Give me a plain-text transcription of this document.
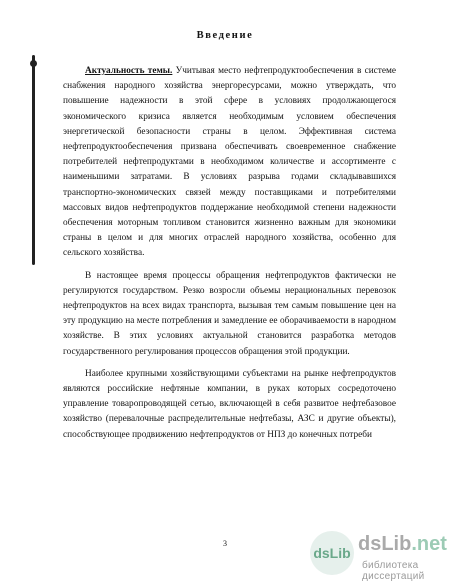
Введение

Актуальность темы. Учитывая место нефтепродуктообеспечения в системе снабжения народного хозяйства энергоресурсами, можно утверждать, что повышение надежности в этой сфере в условиях продолжающегося экономического кризиса является необходимым условием обеспечения энергетической безопасности страны в целом. Эффективная система нефтепродуктообеспечения призвана обеспечивать своевременное снабжение потребителей нефтепродуктами в необходимом количестве и ассортименте с наименьшими затратами. В условиях разрыва годами складывавшихся транспортно-экономических связей между поставщиками и потребителями массовых видов нефтепродуктов поддержание необходимой степени надежности обеспечения моторным топливом становится жизненно важным для экономики страны в целом и для многих отраслей народного хозяйства, особенно для сельского хозяйства.

В настоящее время процессы обращения нефтепродуктов фактически не регулируются государством. Резко возросли объемы нерациональных перевозок нефтепродуктов на всех видах транспорта, вызывая тем самым повышение цен на эту продукцию на месте потребления и замедление ее оборачиваемости в народном хозяйстве. В этих условиях актуальной становится разработка методов государственного регулирования процессов обращения этой продукции.

Наиболее крупными хозяйствующими субъектами на рынке нефтепродуктов являются российские нефтяные компании, в руках которых сосредоточено управление товаропроводящей сетью, включающей в себя развитое нефтебазовое хозяйство (перевалочные распределительные нефтебазы, АЗС и другие объекты), способствующее продвижению нефтепродуктов от НПЗ до конечных потреби

3
dsLib dsLib.net
библиотека диссертаций
